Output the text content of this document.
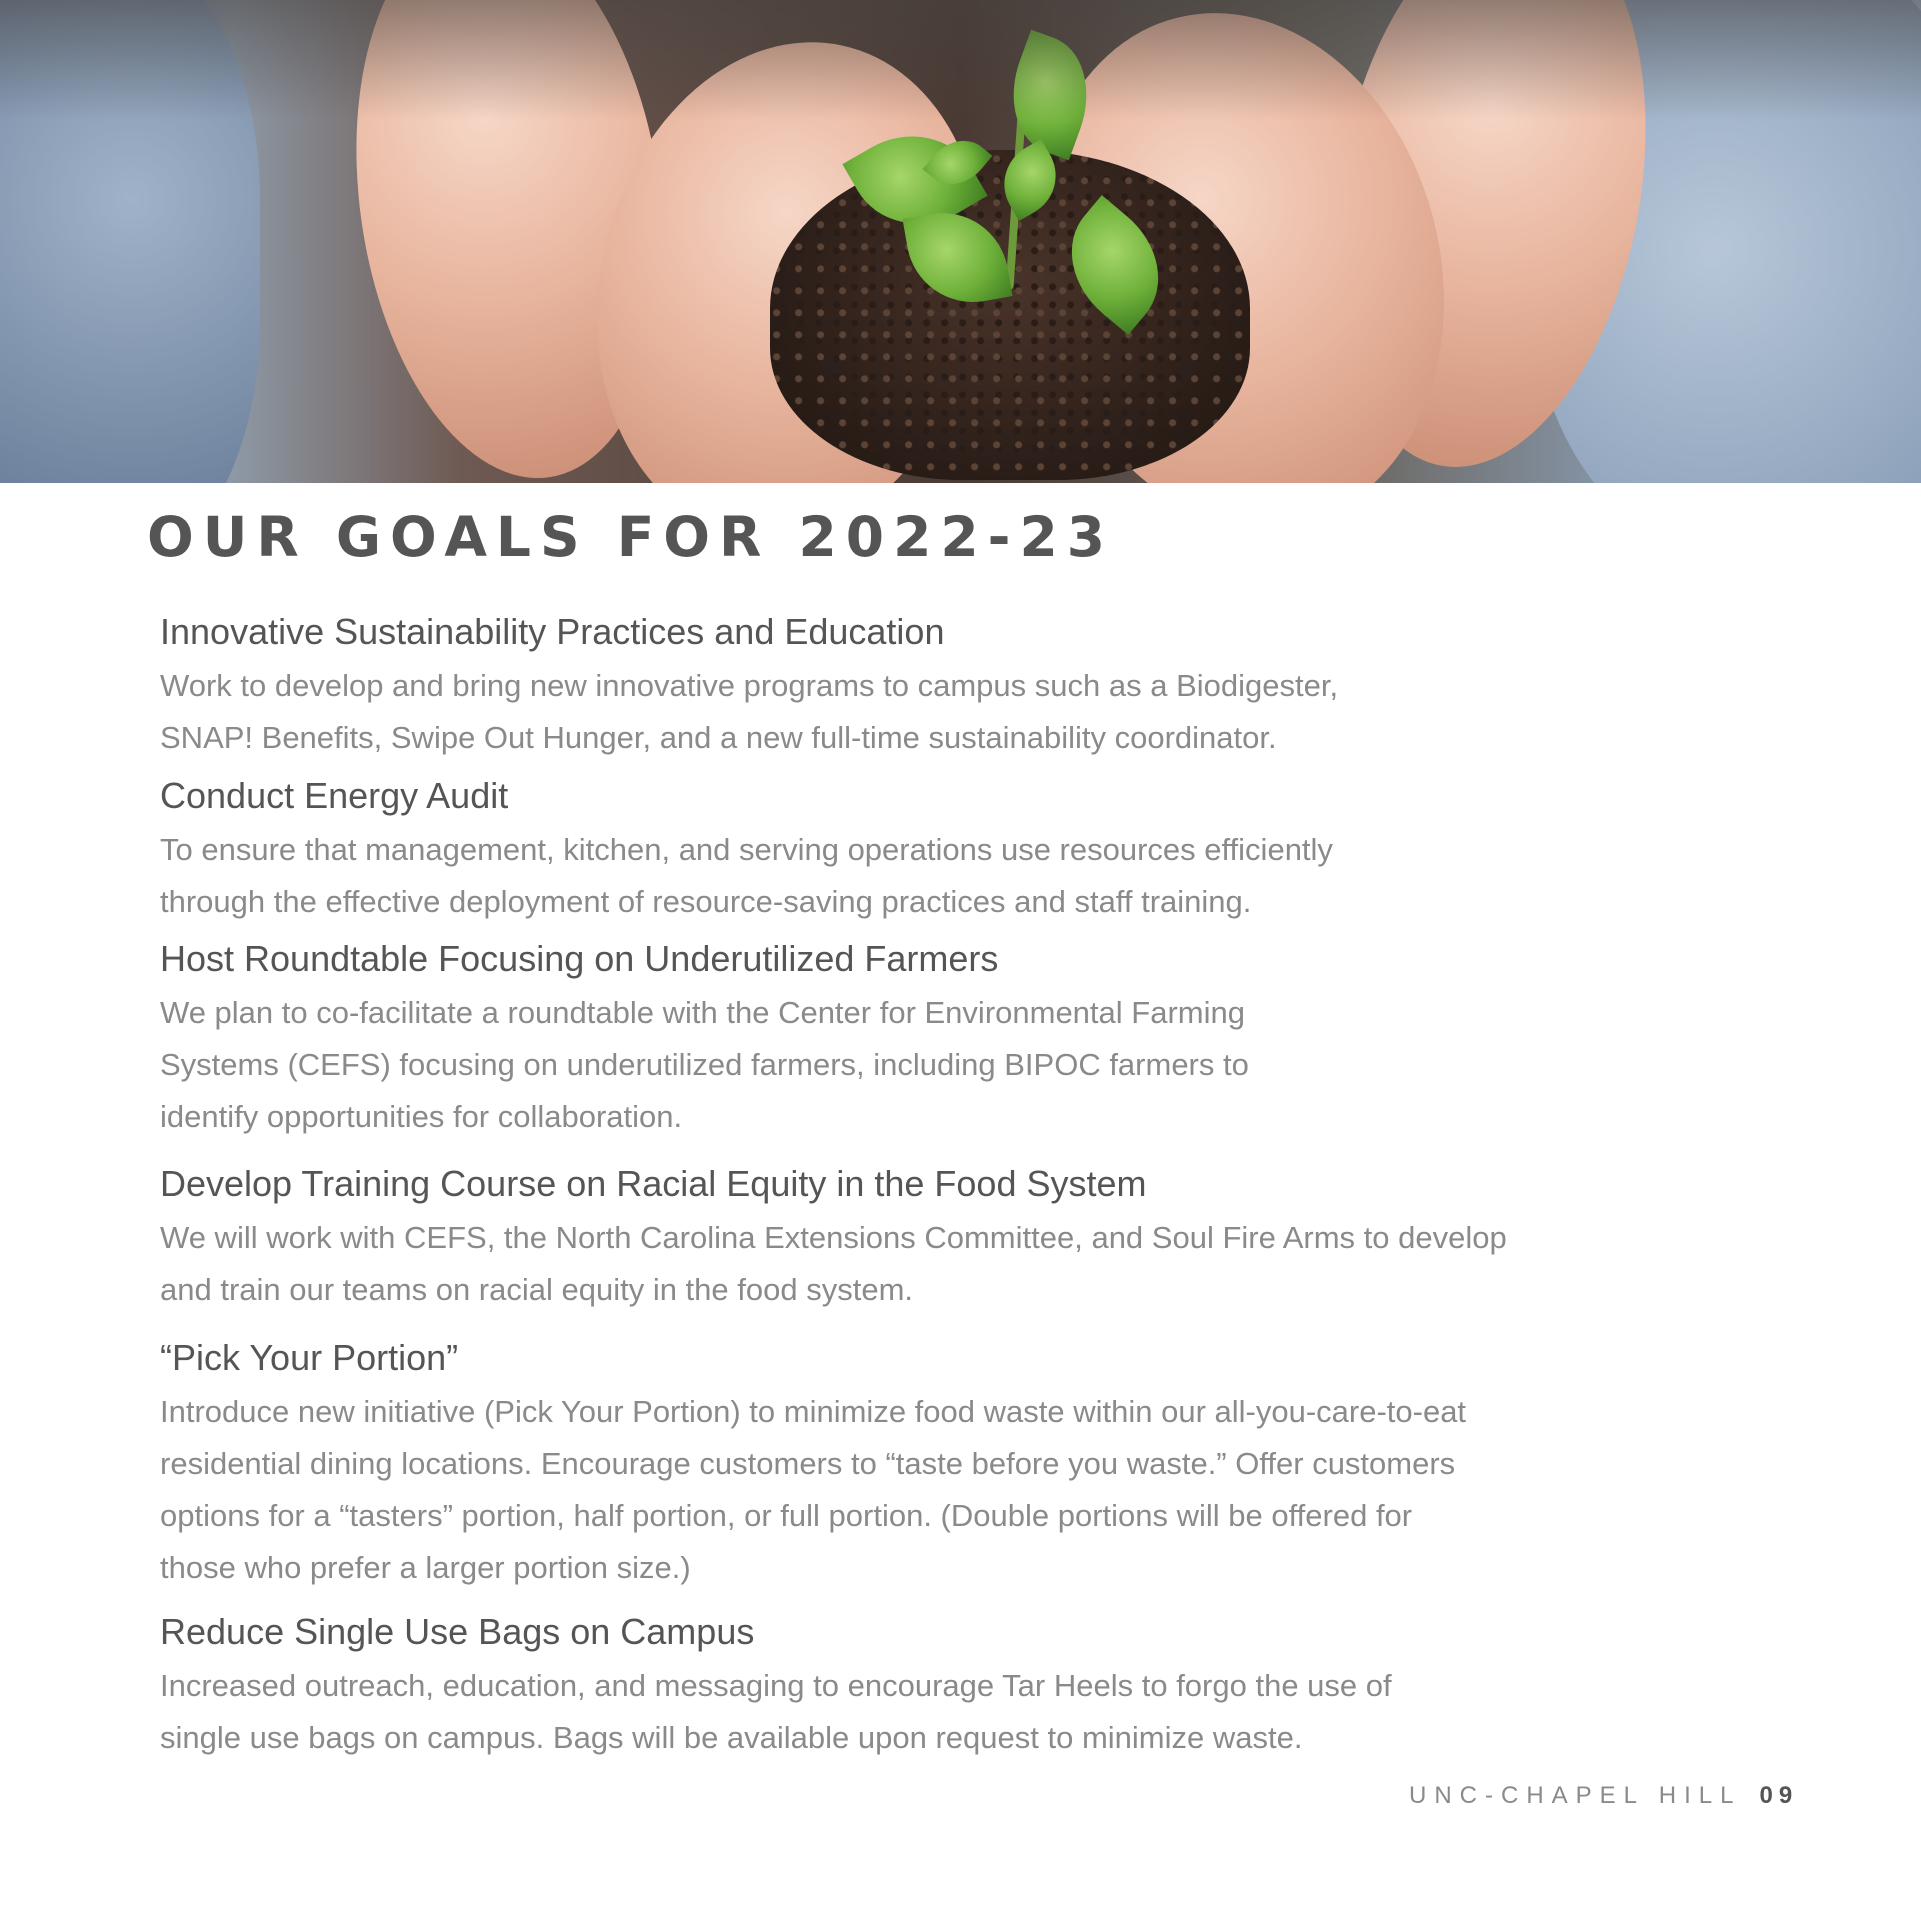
OUR GOALS FOR 2022-23
Innovative Sustainability Practices and Education

Work to develop and bring new innovative programs to campus such as a Biodigester,
SNAP! Benefits, Swipe Out Hunger, and a new full-time sustainability coordinator.

Conduct Energy Audit

To ensure that management, kitchen, and serving operations use resources efficiently
through the effective deployment of resource-saving practices and staff training.

Host Roundtable Focusing on Underutilized Farmers

We plan to co-facilitate a roundtable with the Center for Environmental Farming
Systems (CEFS) focusing on underutilized farmers, including BIPOC farmers to
identify opportunities for collaboration.

Develop Training Course on Racial Equity in the Food System

We will work with CEFS, the North Carolina Extensions Committee, and Soul Fire Arms to develop
and train our teams on racial equity in the food system.

“Pick Your Portion”

Introduce new initiative (Pick Your Portion) to minimize food waste within our all-you-care-to-eat
residential dining locations. Encourage customers to “taste before you waste.” Offer customers
options for a “tasters” portion, half portion, or full portion. (Double portions will be offered for
those who prefer a larger portion size.)

Reduce Single Use Bags on Campus

Increased outreach, education, and messaging to encourage Tar Heels to forgo the use of
single use bags on campus. Bags will be available upon request to minimize waste.

UNC-CHAPEL HILL 09
